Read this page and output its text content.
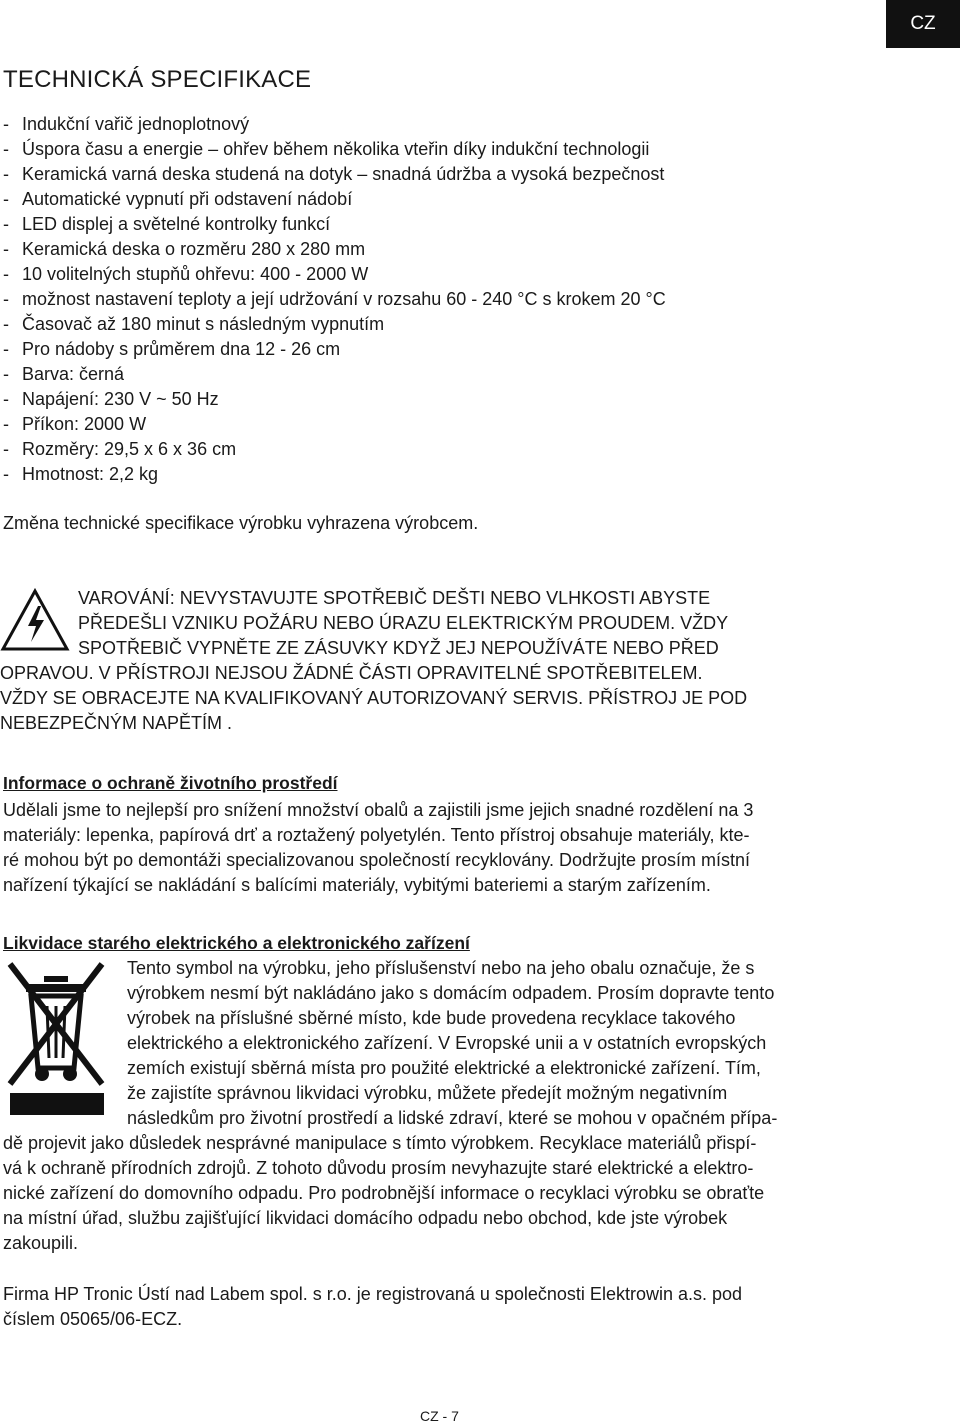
CZ
TECHNICKÁ SPECIFIKACE
- Indukční vařič jednoplotnový
- Úspora času a energie – ohřev během několika vteřin díky indukční technologii
- Keramická varná deska studená na dotyk – snadná údržba a vysoká bezpečnost
- Automatické vypnutí při odstavení nádobí
- LED displej a světelné kontrolky funkcí
- Keramická deska o rozměru 280 x 280 mm
- 10 volitelných stupňů ohřevu: 400 - 2000 W
- možnost nastavení teploty a její udržování v rozsahu 60 - 240 °C s krokem 20 °C
- Časovač až 180 minut s následným vypnutím
- Pro nádoby s průměrem dna 12 - 26 cm
- Barva: černá
- Napájení: 230 V ~ 50 Hz
- Příkon: 2000 W
- Rozměry: 29,5 x 6 x 36 cm
- Hmotnost: 2,2 kg
Změna technické specifikace výrobku vyhrazena výrobcem.
VAROVÁNÍ: NEVYSTAVUJTE SPOTŘEBIČ DEŠTI NEBO VLHKOSTI ABYSTE
PŘEDEŠLI VZNIKU POŽÁRU NEBO ÚRAZU ELEKTRICKÝM PROUDEM. VŽDY
SPOTŘEBIČ VYPNĚTE ZE ZÁSUVKY KDYŽ JEJ NEPOUŽÍVÁTE NEBO PŘED
OPRAVOU. V PŘÍSTROJI NEJSOU ŽÁDNÉ ČÁSTI OPRAVITELNÉ SPOTŘEBITELEM.
VŽDY SE OBRACEJTE NA KVALIFIKOVANÝ AUTORIZOVANÝ SERVIS. PŘÍSTROJ JE POD
NEBEZPEČNÝM NAPĚTÍM .
Informace o ochraně životního prostředí
Udělali jsme to nejlepší pro snížení množství obalů a zajistili jsme jejich snadné rozdělení na 3
materiály: lepenka, papírová drť a roztažený polyetylén. Tento přístroj obsahuje materiály, kte-
ré mohou být po demontáži specializovanou společností recyklovány. Dodržujte prosím místní
nařízení týkající se nakládání s balícími materiály, vybitými bateriemi a starým zařízením.
Likvidace starého elektrického a elektronického zařízení
Tento symbol na výrobku, jeho příslušenství nebo na jeho obalu označuje, že s
výrobkem nesmí být nakládáno jako s domácím odpadem. Prosím dopravte tento
výrobek na příslušné sběrné místo, kde bude provedena recyklace takového
elektrického a elektronického zařízení. V Evropské unii a v ostatních evropských
zemích existují sběrná místa pro použité elektrické a elektronické zařízení. Tím,
že zajistíte správnou likvidaci výrobku, můžete předejít možným negativním
následkům pro životní prostředí a lidské zdraví, které se mohou v opačném přípa-
dě projevit jako důsledek nesprávné manipulace s tímto výrobkem. Recyklace materiálů přispí-
vá k ochraně přírodních zdrojů. Z tohoto důvodu prosím nevyhazujte staré elektrické a elektro-
nické zařízení do domovního odpadu. Pro podrobnější informace o recyklaci výrobku se obraťte
na místní úřad, službu zajišťující likvidaci domácího odpadu nebo obchod, kde jste výrobek
zakoupili.
Firma HP Tronic Ústí nad Labem spol. s r.o. je registrovaná u společnosti Elektrowin a.s. pod
číslem 05065/06-ECZ.
CZ - 7
